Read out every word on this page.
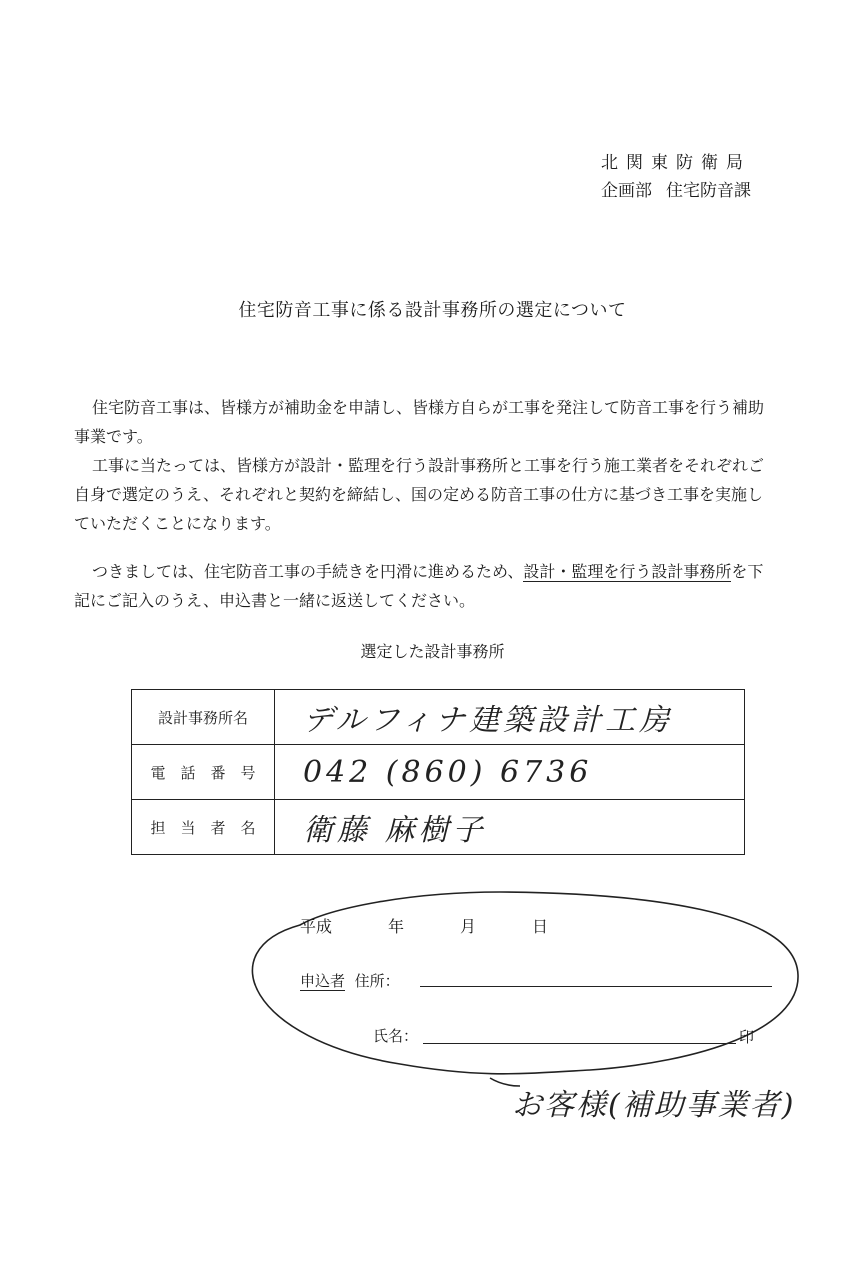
北関東防衛局
企画部 住宅防音課
住宅防音工事に係る設計事務所の選定について
住宅防音工事は、皆様方が補助金を申請し、皆様方自らが工事を発注して防音工事を行う補助事業です。
工事に当たっては、皆様方が設計・監理を行う設計事務所と工事を行う施工業者をそれぞれご自身で選定のうえ、それぞれと契約を締結し、国の定める防音工事の仕方に基づき工事を実施していただくことになります。
つきましては、住宅防音工事の手続きを円滑に進めるため、設計・監理を行う設計事務所を下記にご記入のうえ、申込書と一緒に返送してください。
選定した設計事務所
設計事務所名	デルフィナ建築設計工房
電　話　番　号	042 (860) 6736
担　当　者　名	衛藤 麻樹子
平成	年	月	日
申込者 住所：
氏名：	印
お客様(補助事業者)
